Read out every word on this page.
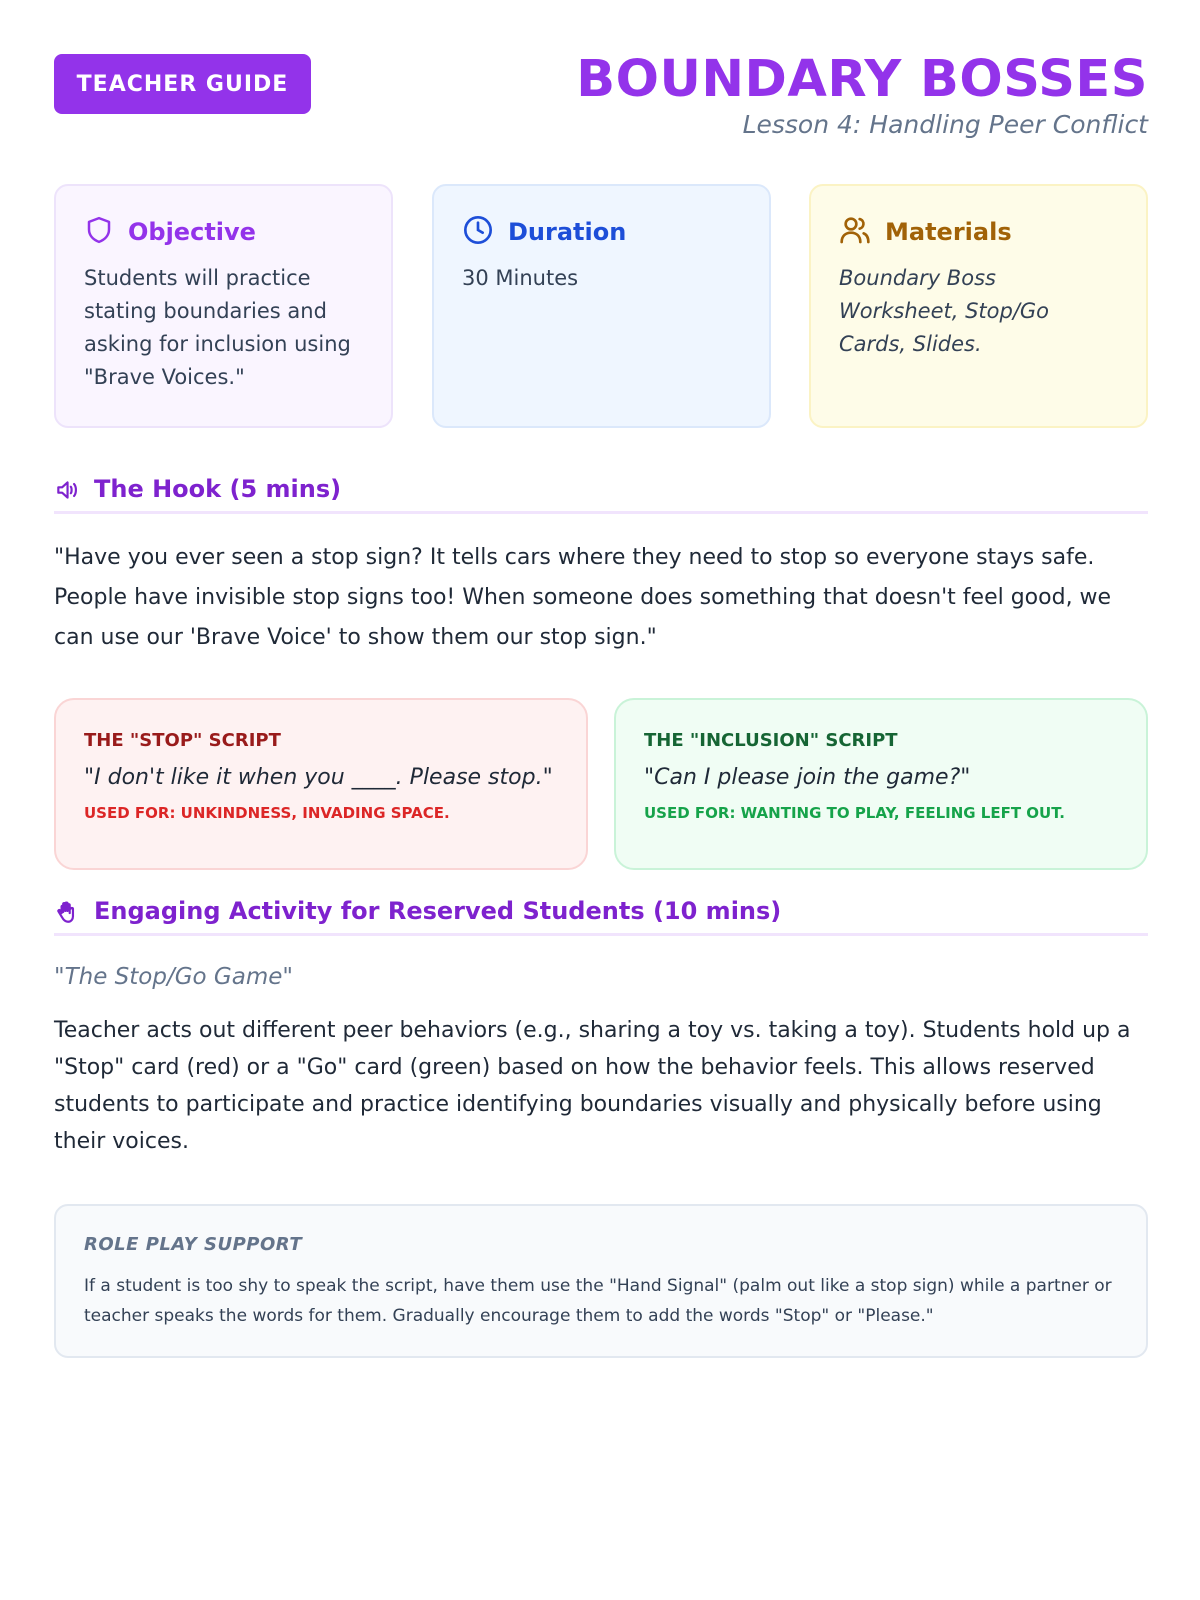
TEACHER GUIDE	BOUNDARY BOSSES
Lesson 4: Handling Peer Conflict
Objective
Students will practice stating boundaries and asking for inclusion using "Brave Voices."
Duration
30 Minutes
Materials
Boundary Boss Worksheet, Stop/Go Cards, Slides.
The Hook (5 mins)
"Have you ever seen a stop sign? It tells cars where they need to stop so everyone stays safe. People have invisible stop signs too! When someone does something that doesn't feel good, we can use our 'Brave Voice' to show them our stop sign."
THE "STOP" SCRIPT
"I don't like it when you ____. Please stop."
USED FOR: UNKINDNESS, INVADING SPACE.
THE "INCLUSION" SCRIPT
"Can I please join the game?"
USED FOR: WANTING TO PLAY, FEELING LEFT OUT.
Engaging Activity for Reserved Students (10 mins)
"The Stop/Go Game"
Teacher acts out different peer behaviors (e.g., sharing a toy vs. taking a toy). Students hold up a "Stop" card (red) or a "Go" card (green) based on how the behavior feels. This allows reserved students to participate and practice identifying boundaries visually and physically before using their voices.
ROLE PLAY SUPPORT
If a student is too shy to speak the script, have them use the "Hand Signal" (palm out like a stop sign) while a partner or teacher speaks the words for them. Gradually encourage them to add the words "Stop" or "Please."
